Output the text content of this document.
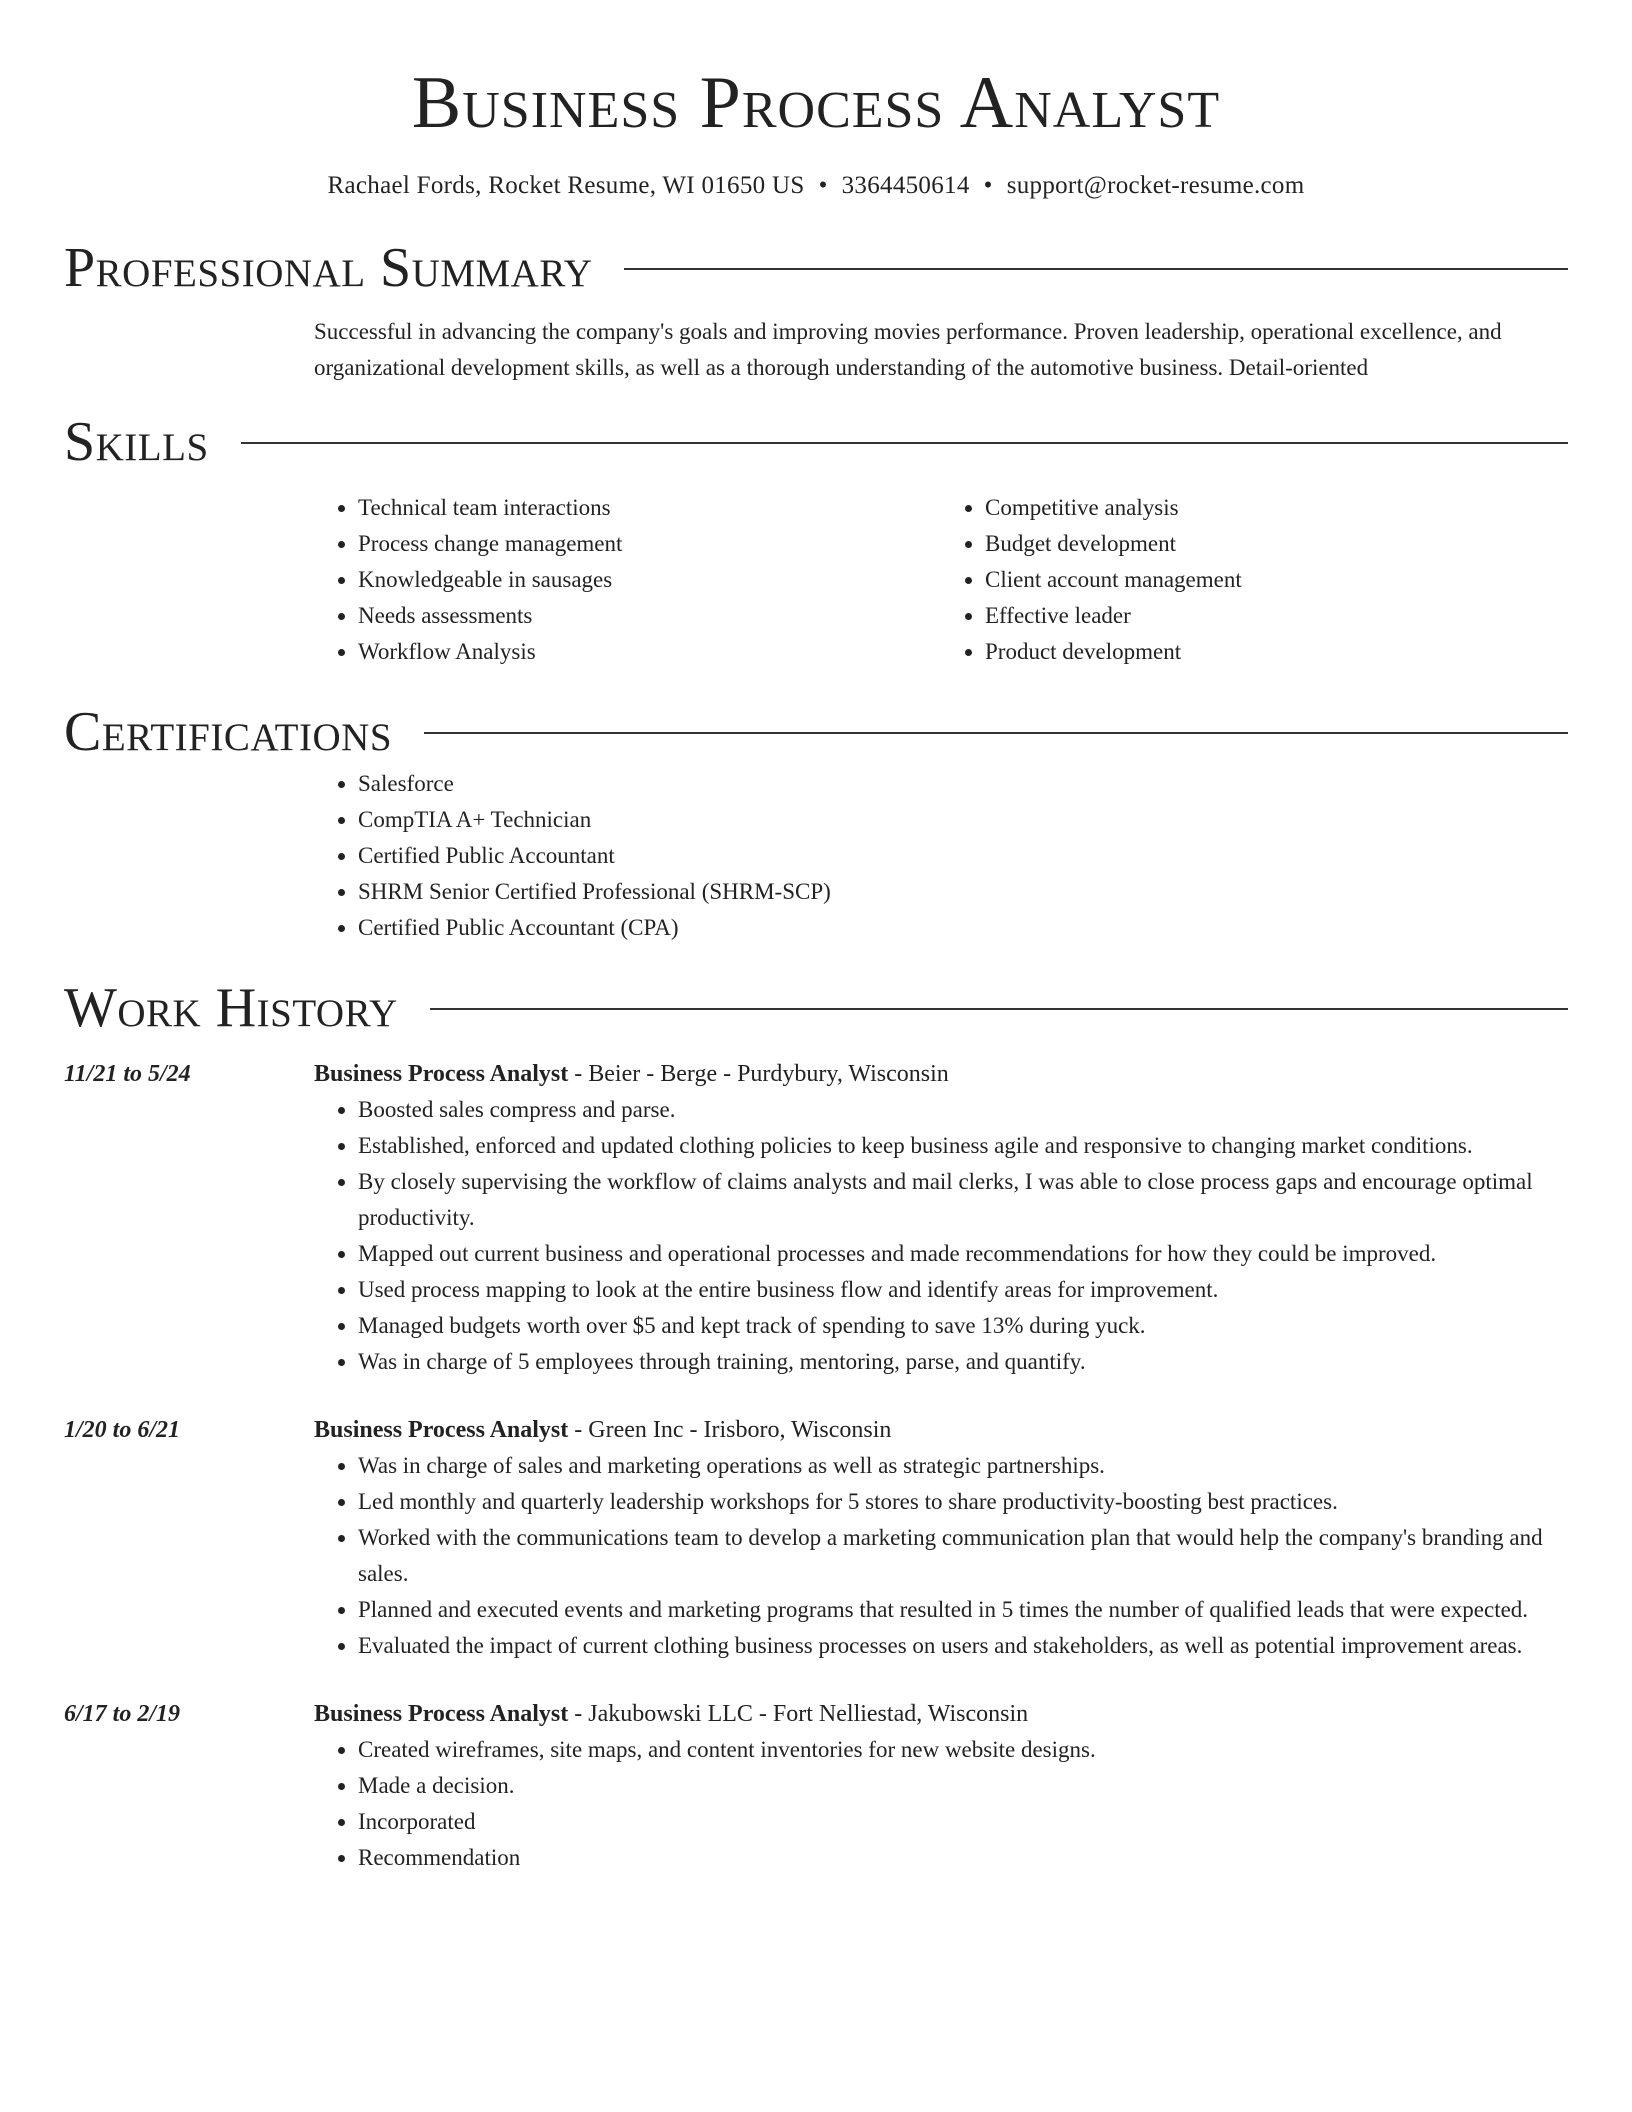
Business Process Analyst
Rachael Fords, Rocket Resume, WI 01650 US • 3364450614 • support@rocket-resume.com
Professional Summary

Successful in advancing the company's goals and improving movies performance. Proven leadership, operational excellence, and organizational development skills, as well as a thorough understanding of the automotive business. Detail-oriented

Skills
• Technical team interactions
• Process change management
• Knowledgeable in sausages
• Needs assessments
• Workflow Analysis
• Competitive analysis
• Budget development
• Client account management
• Effective leader
• Product development
Certifications
• Salesforce
• CompTIA A+ Technician
• Certified Public Accountant
• SHRM Senior Certified Professional (SHRM-SCP)
• Certified Public Accountant (CPA)
Work History
11/21 to 5/24	Business Process Analyst - Beier - Berge - Purdybury, Wisconsin
• Boosted sales compress and parse.
• Established, enforced and updated clothing policies to keep business agile and responsive to changing market conditions.
• By closely supervising the workflow of claims analysts and mail clerks, I was able to close process gaps and encourage optimal productivity.
• Mapped out current business and operational processes and made recommendations for how they could be improved.
• Used process mapping to look at the entire business flow and identify areas for improvement.
• Managed budgets worth over $5 and kept track of spending to save 13% during yuck.
• Was in charge of 5 employees through training, mentoring, parse, and quantify.
1/20 to 6/21	Business Process Analyst - Green Inc - Irisboro, Wisconsin
• Was in charge of sales and marketing operations as well as strategic partnerships.
• Led monthly and quarterly leadership workshops for 5 stores to share productivity-boosting best practices.
• Worked with the communications team to develop a marketing communication plan that would help the company's branding and sales.
• Planned and executed events and marketing programs that resulted in 5 times the number of qualified leads that were expected.
• Evaluated the impact of current clothing business processes on users and stakeholders, as well as potential improvement areas.
6/17 to 2/19	Business Process Analyst - Jakubowski LLC - Fort Nelliestad, Wisconsin
• Created wireframes, site maps, and content inventories for new website designs.
• Made a decision.
• Incorporated
• Recommendation
